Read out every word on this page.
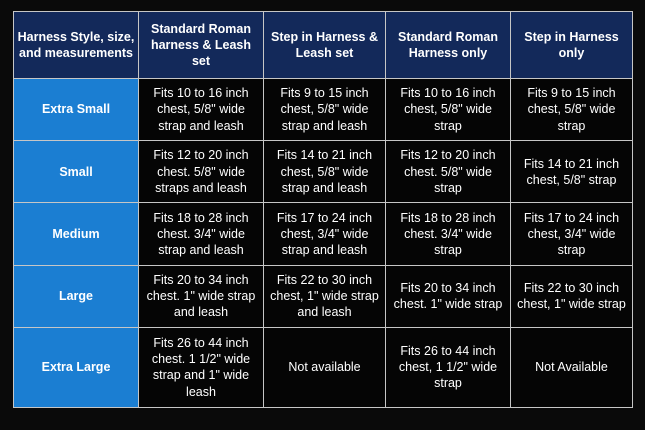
Harness Style, size, and measurements	Standard Roman harness & Leash set	Step in Harness & Leash set	Standard Roman Harness only	Step in Harness only
Extra Small	Fits 10 to 16 inch chest, 5/8" wide strap and leash	Fits 9 to 15 inch chest, 5/8" wide strap and leash	Fits 10 to 16 inch chest, 5/8" wide strap	Fits 9 to 15 inch chest, 5/8" wide strap
Small	Fits 12 to 20 inch chest. 5/8" wide straps and leash	Fits 14 to 21 inch chest, 5/8" wide strap and leash	Fits 12 to 20 inch chest. 5/8" wide strap	Fits 14 to 21 inch chest, 5/8" strap
Medium	Fits 18 to 28 inch chest. 3/4" wide strap and leash	Fits 17 to 24 inch chest, 3/4" wide strap and leash	Fits 18 to 28 inch chest. 3/4" wide strap	Fits 17 to 24 inch chest, 3/4" wide strap
Large	Fits 20 to 34 inch chest. 1" wide strap and leash	Fits 22 to 30 inch chest, 1" wide strap and leash	Fits 20 to 34 inch chest. 1" wide strap	Fits 22 to 30 inch chest, 1" wide strap
Extra Large	Fits 26 to 44 inch chest. 1 1/2" wide strap and 1" wide leash	Not available	Fits 26 to 44 inch chest, 1 1/2" wide strap	Not Available
